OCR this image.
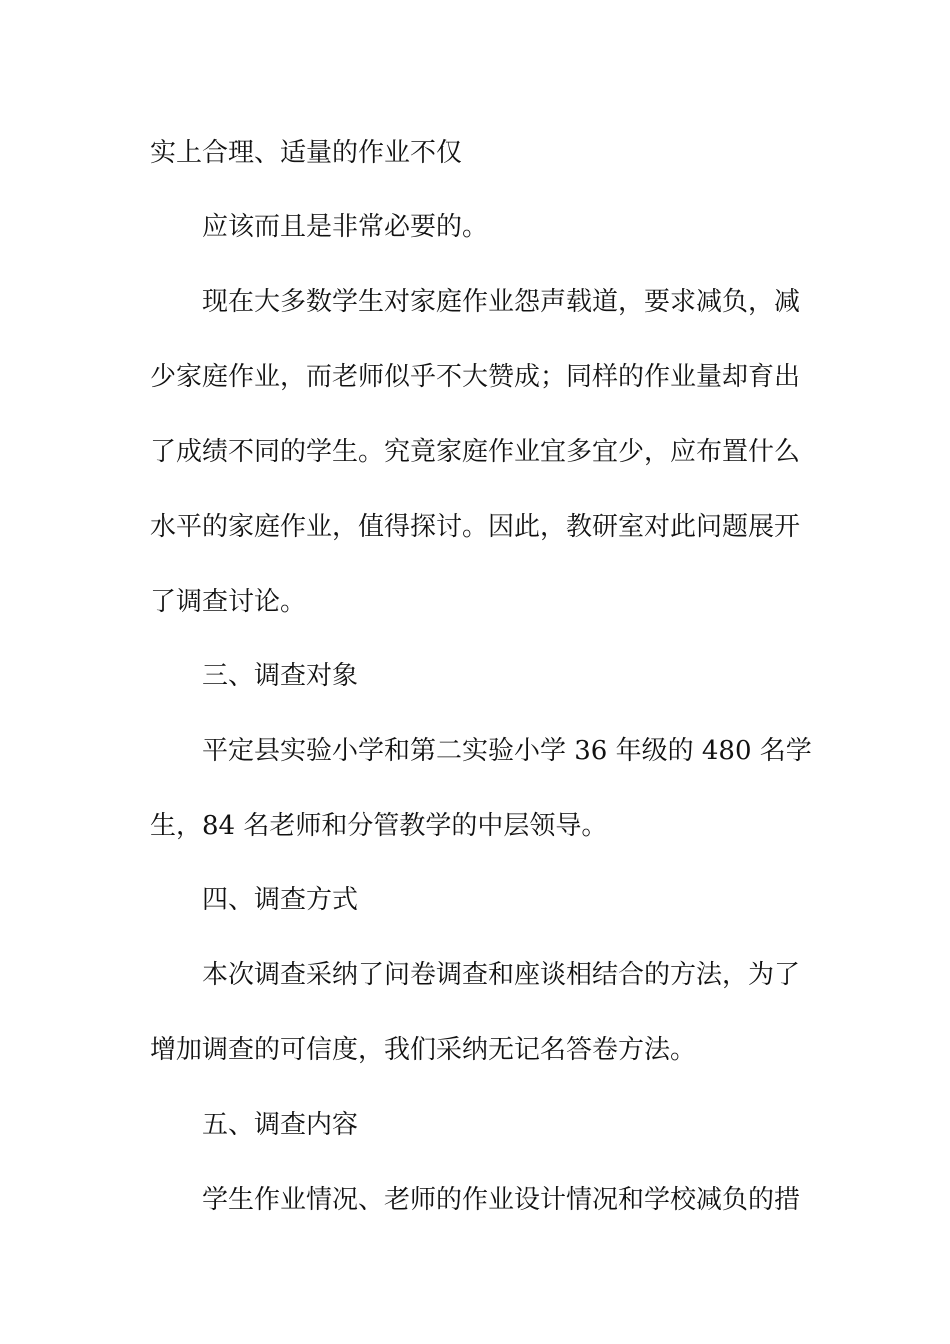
实上合理、适量的作业不仅
应该而且是非常必要的。
现在大多数学生对家庭作业怨声载道，要求减负，减
少家庭作业，而老师似乎不大赞成；同样的作业量却育出
了成绩不同的学生。究竟家庭作业宜多宜少，应布置什么
水平的家庭作业，值得探讨。因此，教研室对此问题展开
了调查讨论。
三、调查对象
平定县实验小学和第二实验小学 36 年级的 480 名学
生，84 名老师和分管教学的中层领导。
四、调查方式
本次调查采纳了问卷调查和座谈相结合的方法，为了
增加调查的可信度，我们采纳无记名答卷方法。
五、调查内容
学生作业情况、老师的作业设计情况和学校减负的措
